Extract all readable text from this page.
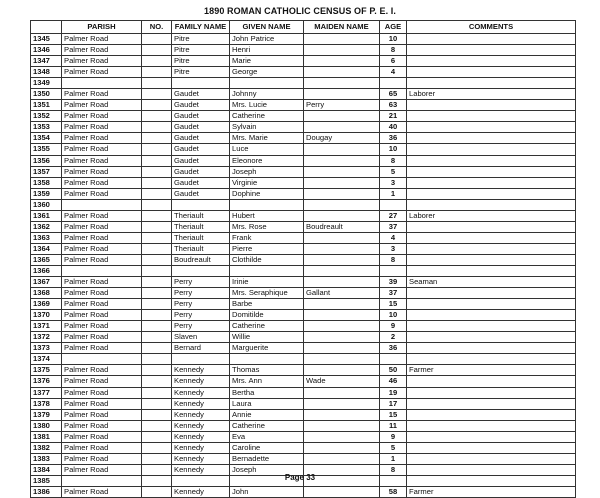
1890 ROMAN CATHOLIC CENSUS OF P. E. I.
	PARISH	NO.	FAMILY NAME	GIVEN NAME	MAIDEN NAME	AGE	COMMENTS
1345	Palmer Road		Pitre	John Patrice		10	
1346	Palmer Road		Pitre	Henri		8	
1347	Palmer Road		Pitre	Marie		6	
1348	Palmer Road		Pitre	George		4	
1349							
1350	Palmer Road		Gaudet	Johnny		65	Laborer
1351	Palmer Road		Gaudet	Mrs. Lucie	Perry	63	
1352	Palmer Road		Gaudet	Catherine		21	
1353	Palmer Road		Gaudet	Sylvain		40	
1354	Palmer Road		Gaudet	Mrs. Marie	Dougay	36	
1355	Palmer Road		Gaudet	Luce		10	
1356	Palmer Road		Gaudet	Eleonore		8	
1357	Palmer Road		Gaudet	Joseph		5	
1358	Palmer Road		Gaudet	Virginie		3	
1359	Palmer Road		Gaudet	Dophine		1	
1360							
1361	Palmer Road		Theriault	Hubert		27	Laborer
1362	Palmer Road		Theriault	Mrs. Rose	Boudreault	37	
1363	Palmer Road		Theriault	Frank		4	
1364	Palmer Road		Theriault	Pierre		3	
1365	Palmer Road		Boudreault	Clothilde		8	
1366							
1367	Palmer Road		Perry	Irinie		39	Seaman
1368	Palmer Road		Perry	Mrs. Seraphique	Gallant	37	
1369	Palmer Road		Perry	Barbe		15	
1370	Palmer Road		Perry	Domitilde		10	
1371	Palmer Road		Perry	Catherine		9	
1372	Palmer Road		Slaven	Willie		2	
1373	Palmer Road		Bernard	Marguerite		36	
1374							
1375	Palmer Road		Kennedy	Thomas		50	Farmer
1376	Palmer Road		Kennedy	Mrs. Ann	Wade	46	
1377	Palmer Road		Kennedy	Bertha		19	
1378	Palmer Road		Kennedy	Laura		17	
1379	Palmer Road		Kennedy	Annie		15	
1380	Palmer Road		Kennedy	Catherine		11	
1381	Palmer Road		Kennedy	Eva		9	
1382	Palmer Road		Kennedy	Caroline		5	
1383	Palmer Road		Kennedy	Bernadette		1	
1384	Palmer Road		Kennedy	Joseph		8	
1385							
1386	Palmer Road		Kennedy	John		58	Farmer
Page 33
